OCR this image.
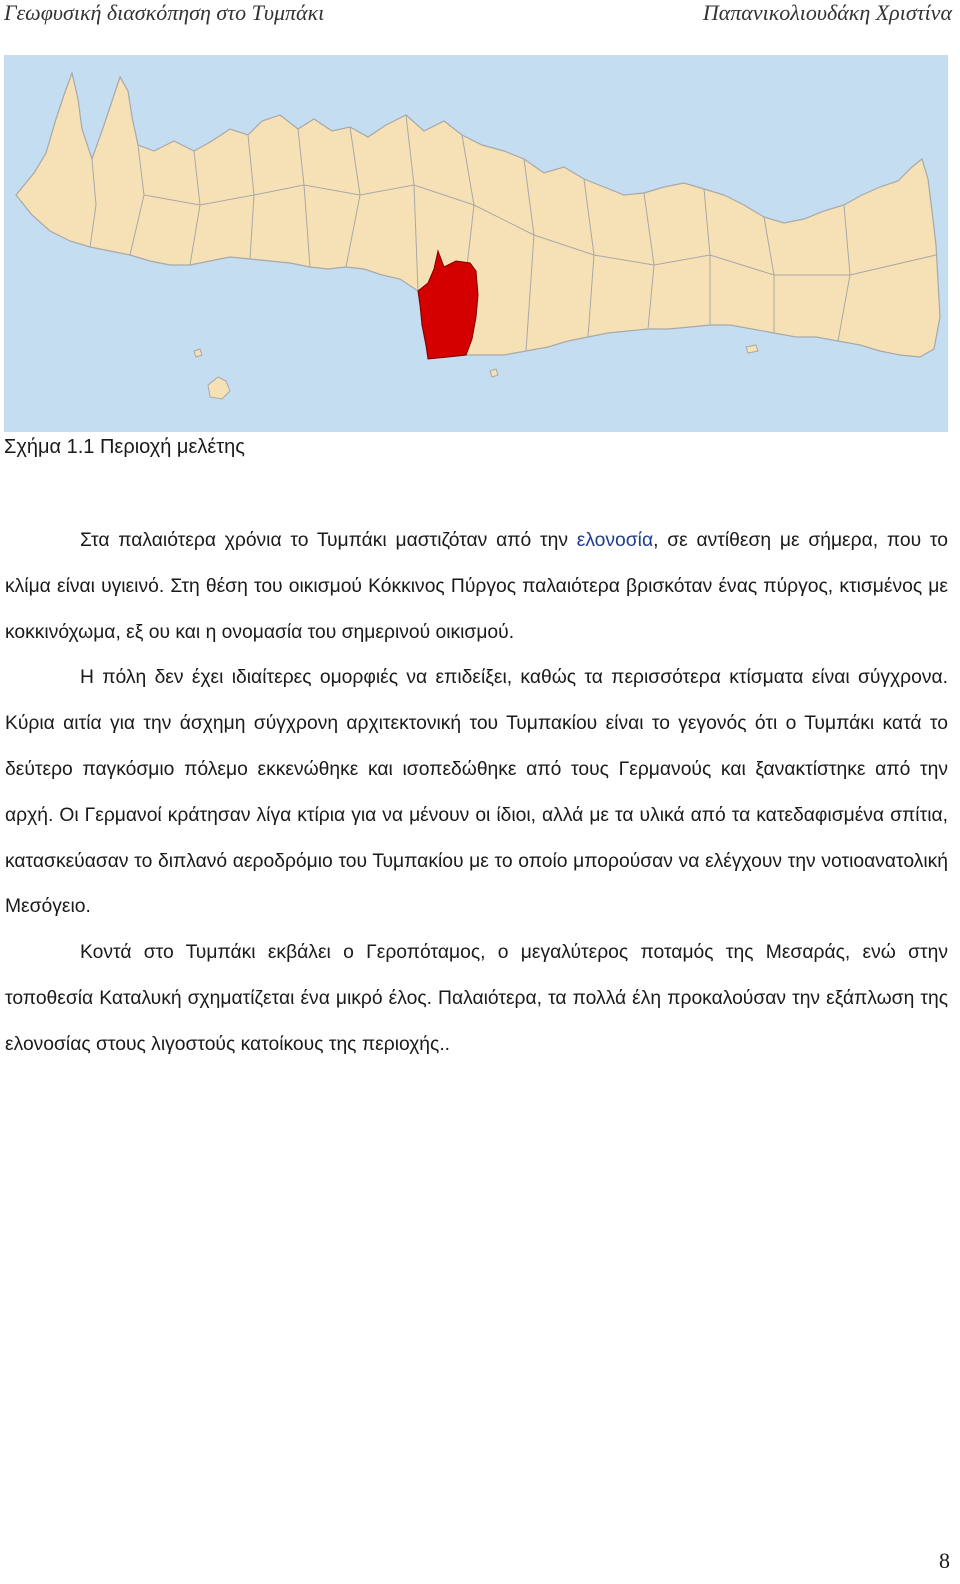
Γεωφυσική διασκόπηση στο Τυμπάκι	Παπανικολιουδάκη Χριστίνα
Σχήμα 1.1 Περιοχή μελέτης

Στα παλαιότερα χρόνια το Τυμπάκι μαστιζόταν από την ελονοσία, σε αντίθεση με σήμερα, που το κλίμα είναι υγιεινό. Στη θέση του οικισμού Κόκκινος Πύργος παλαιότερα βρισκόταν ένας πύργος, κτισμένος με κοκκινόχωμα, εξ ου και η ονομασία του σημερινού οικισμού.

Η πόλη δεν έχει ιδιαίτερες ομορφιές να επιδείξει, καθώς τα περισσότερα κτίσματα είναι σύγχρονα. Κύρια αιτία για την άσχημη σύγχρονη αρχιτεκτονική του Τυμπακίου είναι το γεγονός ότι ο Τυμπάκι κατά το δεύτερο παγκόσμιο πόλεμο εκκενώθηκε και ισοπεδώθηκε από τους Γερμανούς και ξανακτίστηκε από την αρχή. Οι Γερμανοί κράτησαν λίγα κτίρια για να μένουν οι ίδιοι, αλλά με τα υλικά από τα κατεδαφισμένα σπίτια, κατασκεύασαν το διπλανό αεροδρόμιο του Τυμπακίου με το οποίο μπορούσαν να ελέγχουν την νοτιοανατολική Μεσόγειο.

Κοντά στο Τυμπάκι εκβάλει ο Γεροπόταμος, ο μεγαλύτερος ποταμός της Μεσαράς, ενώ στην τοποθεσία Καταλυκή σχηματίζεται ένα μικρό έλος. Παλαιότερα, τα πολλά έλη προκαλούσαν την εξάπλωση της ελονοσίας στους λιγοστούς κατοίκους της περιοχής..

8
